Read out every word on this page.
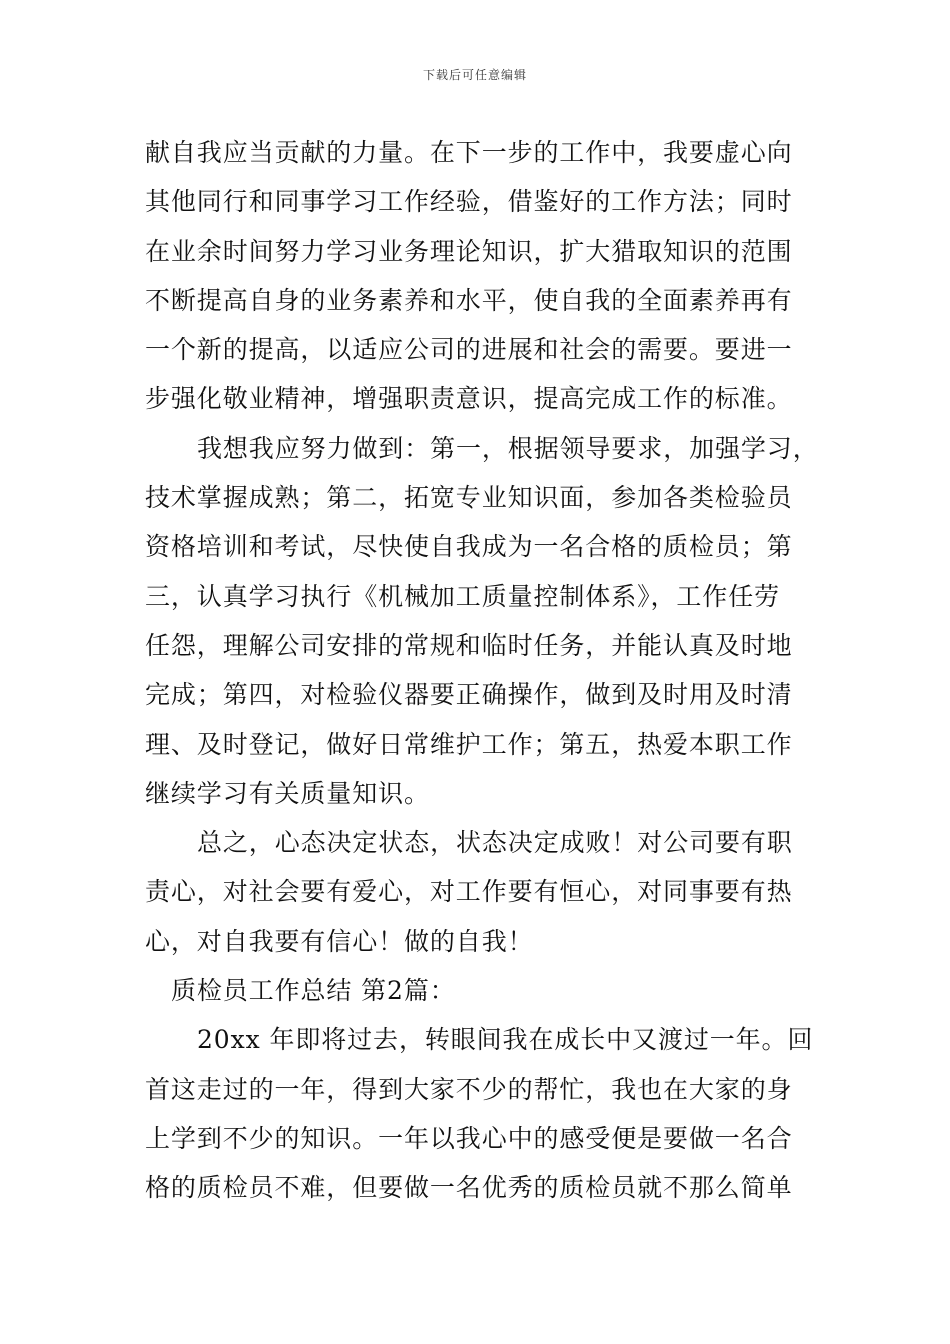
下载后可任意编辑
献自我应当贡献的力量。在下一步的工作中，我要虚心向
其他同行和同事学习工作经验，借鉴好的工作方法；同时
在业余时间努力学习业务理论知识，扩大猎取知识的范围
不断提高自身的业务素养和水平，使自我的全面素养再有
一个新的提高，以适应公司的进展和社会的需要。要进一
步强化敬业精神，增强职责意识，提高完成工作的标准。
我想我应努力做到：第一，根据领导要求，加强学习，
技术掌握成熟；第二，拓宽专业知识面，参加各类检验员
资格培训和考试，尽快使自我成为一名合格的质检员；第
三，认真学习执行《机械加工质量控制体系》，工作任劳
任怨，理解公司安排的常规和临时任务，并能认真及时地
完成；第四，对检验仪器要正确操作，做到及时用及时清
理、及时登记，做好日常维护工作；第五，热爱本职工作
继续学习有关质量知识。
总之，心态决定状态，状态决定成败！对公司要有职
责心，对社会要有爱心，对工作要有恒心，对同事要有热
心，对自我要有信心！做的自我！
质检员工作总结 第2篇：
20xx 年即将过去，转眼间我在成长中又渡过一年。回
首这走过的一年，得到大家不少的帮忙，我也在大家的身
上学到不少的知识。一年以我心中的感受便是要做一名合
格的质检员不难，但要做一名优秀的质检员就不那么简单
